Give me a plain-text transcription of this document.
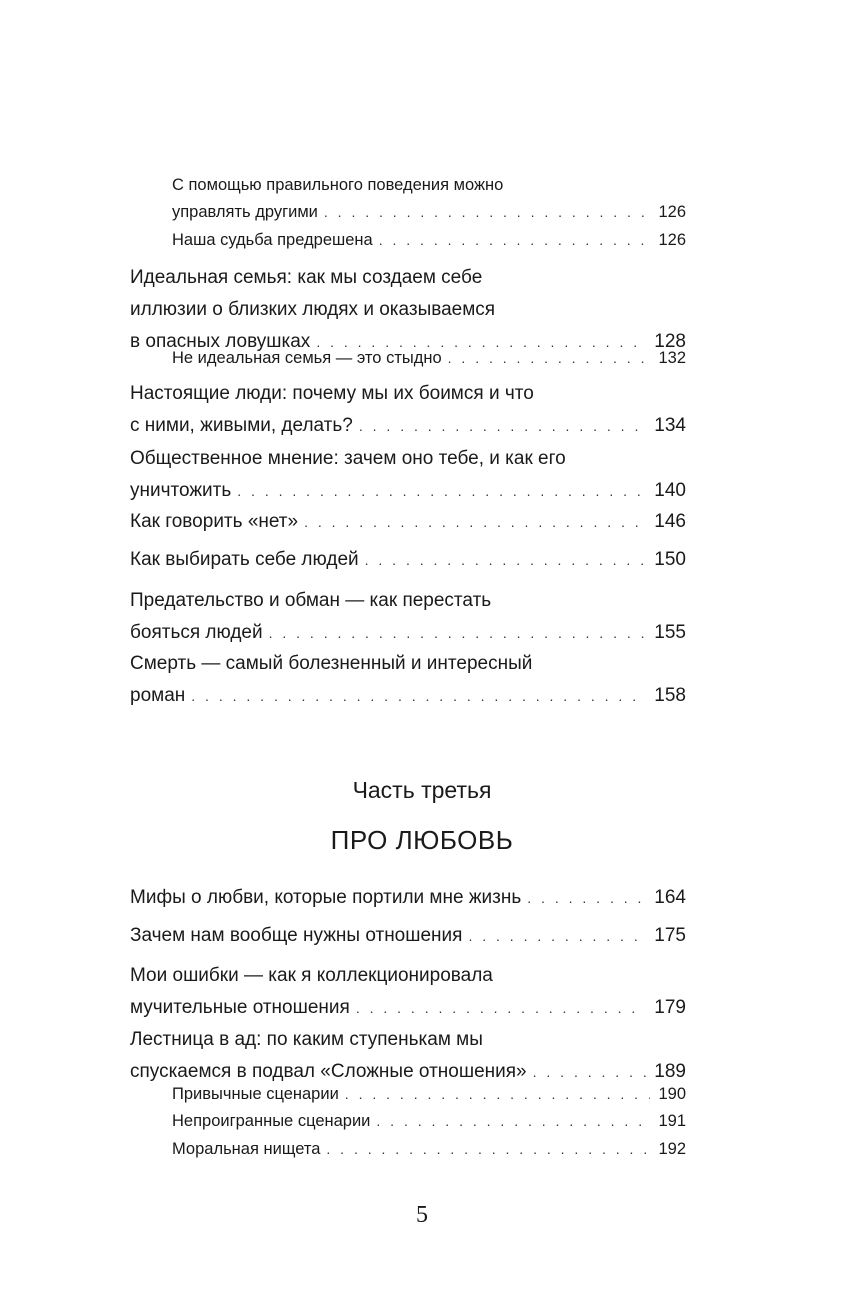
С помощью правильного поведения можно
управлять другими . . .	126
Наша судьба предрешена . . .	126
Идеальная семья: как мы создаем себе
иллюзии о близких людях и оказываемся
в опасных ловушках . . .	128
Не идеальная семья — это стыдно . . .	132
Настоящие люди: почему мы их боимся и что
с ними, живыми, делать? . . .	134
Общественное мнение: зачем оно тебе, и как его
уничтожить . . .	140
Как говорить «нет» . . .	146
Как выбирать себе людей . . .	150
Предательство и обман — как перестать
бояться людей . . .	155
Смерть — самый болезненный и интересный
роман . . .	158
Часть третья
ПРО ЛЮБОВЬ
Мифы о любви, которые портили мне жизнь . . .	164
Зачем нам вообще нужны отношения . . .	175
Мои ошибки — как я коллекционировала
мучительные отношения . . .	179
Лестница в ад: по каким ступенькам мы
спускаемся в подвал «Сложные отношения» . . .	189
Привычные сценарии . . .	190
Непроигранные сценарии . . .	191
Моральная нищета . . .	192
5
